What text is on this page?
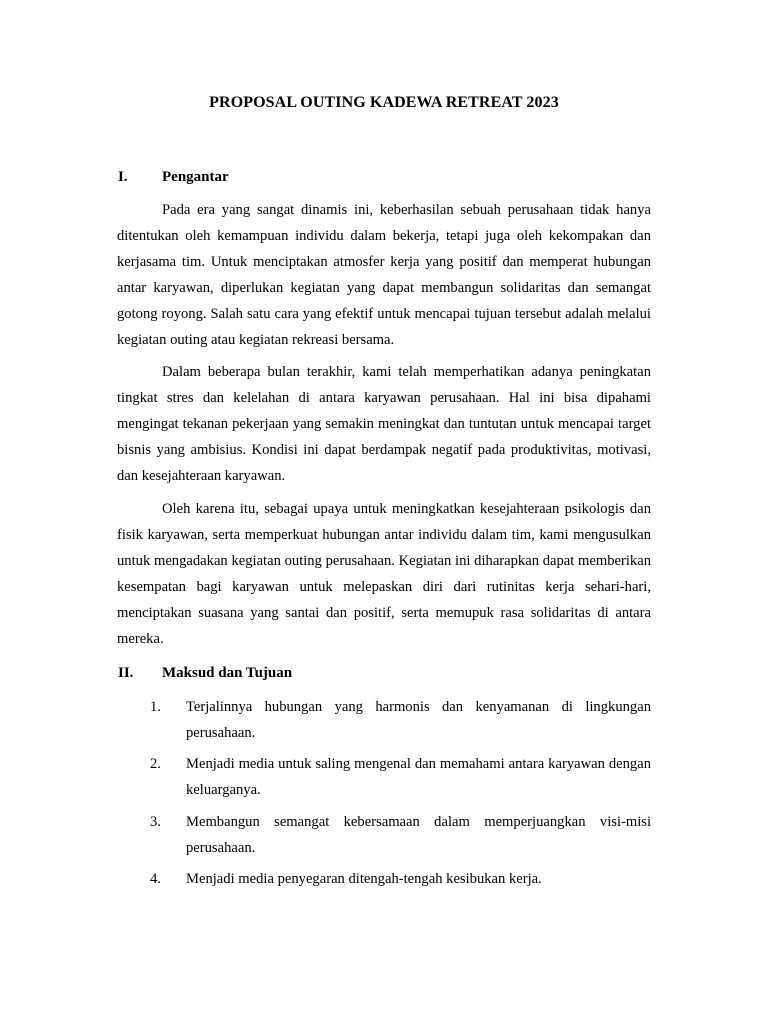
PROPOSAL OUTING KADEWA RETREAT 2023
I. Pengantar

Pada era yang sangat dinamis ini, keberhasilan sebuah perusahaan tidak hanya ditentukan oleh kemampuan individu dalam bekerja, tetapi juga oleh kekompakan dan kerjasama tim. Untuk menciptakan atmosfer kerja yang positif dan memperat hubungan antar karyawan, diperlukan kegiatan yang dapat membangun solidaritas dan semangat gotong royong. Salah satu cara yang efektif untuk mencapai tujuan tersebut adalah melalui kegiatan outing atau kegiatan rekreasi bersama.

Dalam beberapa bulan terakhir, kami telah memperhatikan adanya peningkatan tingkat stres dan kelelahan di antara karyawan perusahaan. Hal ini bisa dipahami mengingat tekanan pekerjaan yang semakin meningkat dan tuntutan untuk mencapai target bisnis yang ambisius. Kondisi ini dapat berdampak negatif pada produktivitas, motivasi, dan kesejahteraan karyawan.

Oleh karena itu, sebagai upaya untuk meningkatkan kesejahteraan psikologis dan fisik karyawan, serta memperkuat hubungan antar individu dalam tim, kami mengusulkan untuk mengadakan kegiatan outing perusahaan. Kegiatan ini diharapkan dapat memberikan kesempatan bagi karyawan untuk melepaskan diri dari rutinitas kerja sehari-hari, menciptakan suasana yang santai dan positif, serta memupuk rasa solidaritas di antara mereka.

II. Maksud dan Tujuan
1. Terjalinnya hubungan yang harmonis dan kenyamanan di lingkungan perusahaan.
2. Menjadi media untuk saling mengenal dan memahami antara karyawan dengan keluarganya.
3. Membangun semangat kebersamaan dalam memperjuangkan visi-misi perusahaan.
4. Menjadi media penyegaran ditengah-tengah kesibukan kerja.
